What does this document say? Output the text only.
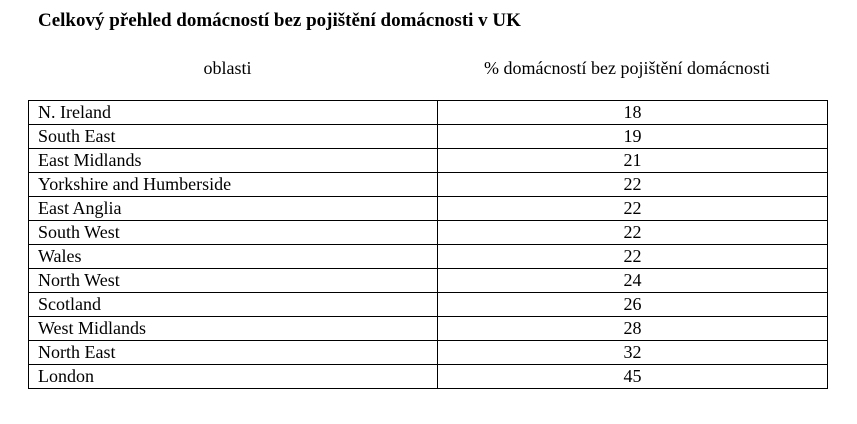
Celkový přehled domácností bez pojištění domácnosti v UK
oblasti	% domácností bez pojištění domácnosti
N. Ireland	18
South East	19
East Midlands	21
Yorkshire and Humberside	22
East Anglia	22
South West	22
Wales	22
North West	24
Scotland	26
West Midlands	28
North East	32
London	45
